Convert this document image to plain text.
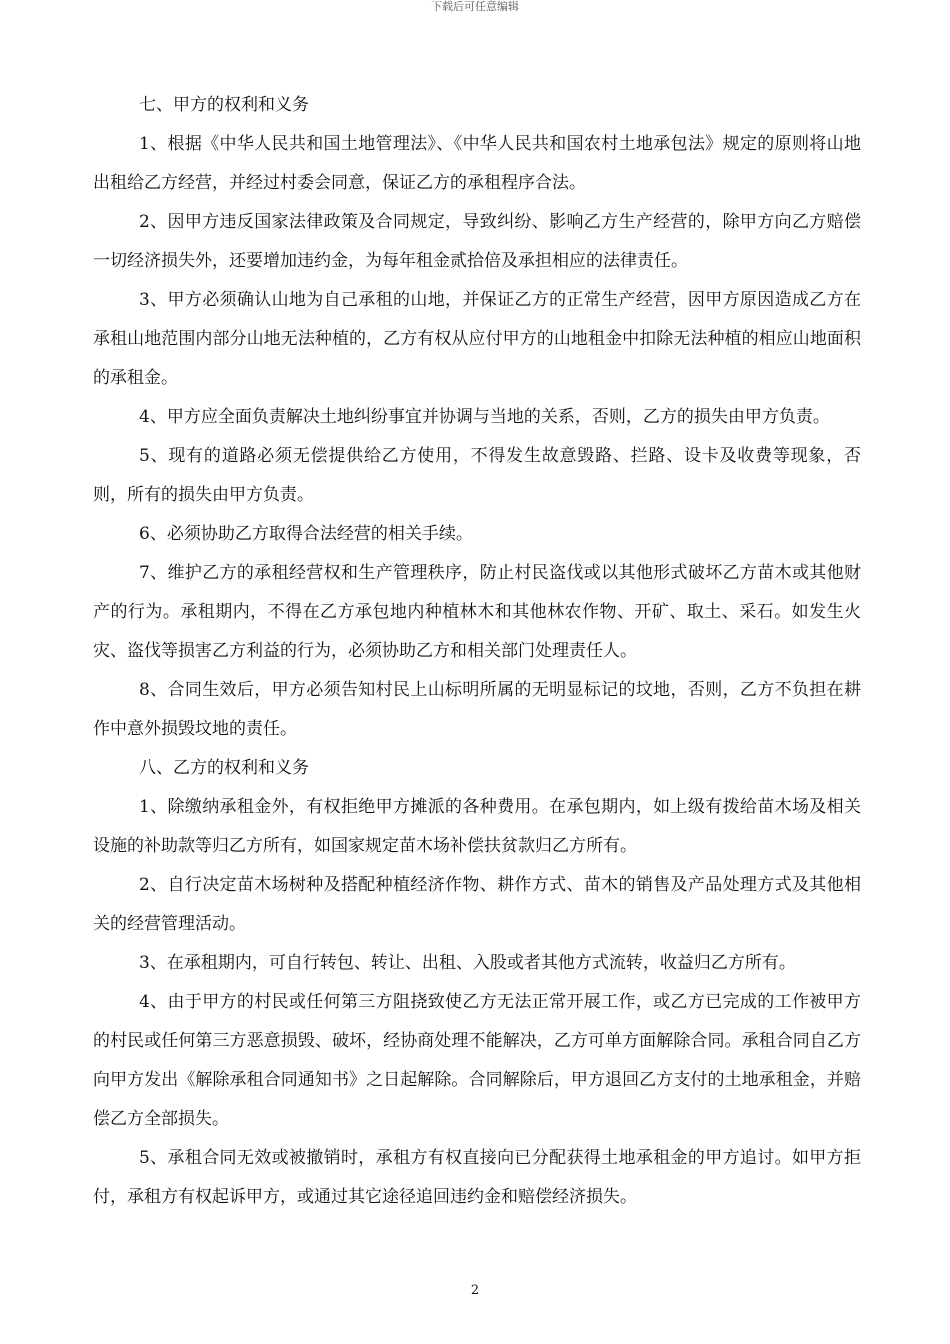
下载后可任意编辑
七、甲方的权利和义务

1、根据《中华人民共和国土地管理法》、《中华人民共和国农村土地承包法》规定的原则将山地出租给乙方经营，并经过村委会同意，保证乙方的承租程序合法。

2、因甲方违反国家法律政策及合同规定，导致纠纷、影响乙方生产经营的，除甲方向乙方赔偿一切经济损失外，还要增加违约金，为每年租金贰拾倍及承担相应的法律责任。

3、甲方必须确认山地为自己承租的山地，并保证乙方的正常生产经营，因甲方原因造成乙方在承租山地范围内部分山地无法种植的，乙方有权从应付甲方的山地租金中扣除无法种植的相应山地面积的承租金。

4、甲方应全面负责解决土地纠纷事宜并协调与当地的关系，否则，乙方的损失由甲方负责。

5、现有的道路必须无偿提供给乙方使用，不得发生故意毁路、拦路、设卡及收费等现象，否则，所有的损失由甲方负责。

6、必须协助乙方取得合法经营的相关手续。

7、维护乙方的承租经营权和生产管理秩序，防止村民盗伐或以其他形式破坏乙方苗木或其他财产的行为。承租期内，不得在乙方承包地内种植林木和其他林农作物、开矿、取土、采石。如发生火灾、盗伐等损害乙方利益的行为，必须协助乙方和相关部门处理责任人。

8、合同生效后，甲方必须告知村民上山标明所属的无明显标记的坟地，否则，乙方不负担在耕作中意外损毁坟地的责任。

八、乙方的权利和义务

1、除缴纳承租金外，有权拒绝甲方摊派的各种费用。在承包期内，如上级有拨给苗木场及相关设施的补助款等归乙方所有，如国家规定苗木场补偿扶贫款归乙方所有。

2、自行决定苗木场树种及搭配种植经济作物、耕作方式、苗木的销售及产品处理方式及其他相关的经营管理活动。

3、在承租期内，可自行转包、转让、出租、入股或者其他方式流转，收益归乙方所有。

4、由于甲方的村民或任何第三方阻挠致使乙方无法正常开展工作，或乙方已完成的工作被甲方的村民或任何第三方恶意损毁、破坏，经协商处理不能解决，乙方可单方面解除合同。承租合同自乙方向甲方发出《解除承租合同通知书》之日起解除。合同解除后，甲方退回乙方支付的土地承租金，并赔偿乙方全部损失。

5、承租合同无效或被撤销时，承租方有权直接向已分配获得土地承租金的甲方追讨。如甲方拒付，承租方有权起诉甲方，或通过其它途径追回违约金和赔偿经济损失。

2
